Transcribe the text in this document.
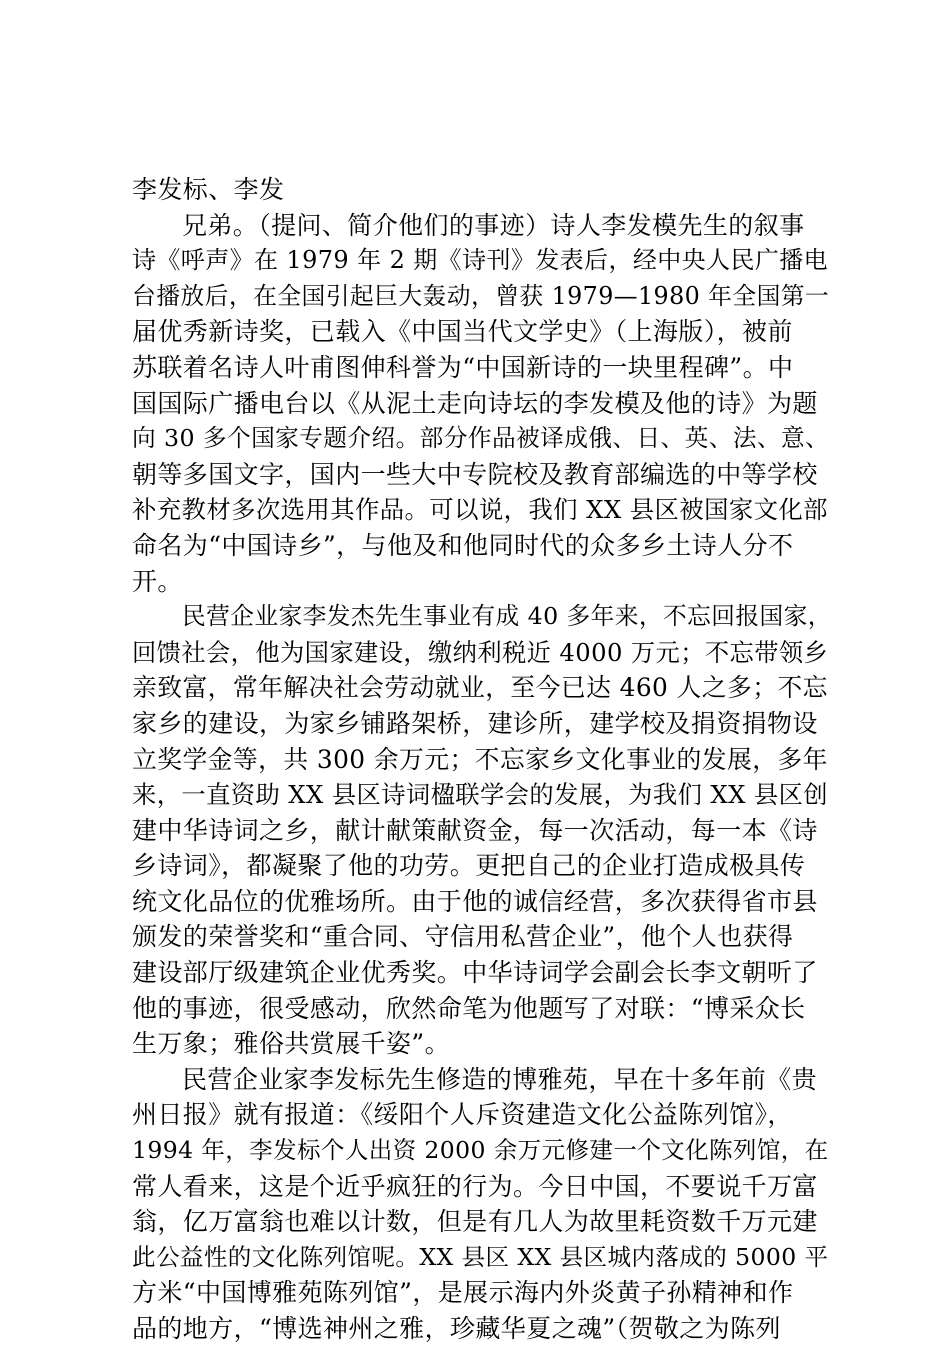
李发标、李发
兄弟。（提问、简介他们的事迹）诗人李发模先生的叙事
诗《呼声》在 1979 年 2 期《诗刊》发表后，经中央人民广播电
台播放后，在全国引起巨大轰动，曾获 1979—1980 年全国第一
届优秀新诗奖，已载入《中国当代文学史》（上海版），被前
苏联着名诗人叶甫图伸科誉为“中国新诗的一块里程碑”。中
国国际广播电台以《从泥土走向诗坛的李发模及他的诗》为题
向 30 多个国家专题介绍。部分作品被译成俄、日、英、法、意、
朝等多国文字，国内一些大中专院校及教育部编选的中等学校
补充教材多次选用其作品。可以说，我们 XX 县区被国家文化部
命名为“中国诗乡”，与他及和他同时代的众多乡土诗人分不
开。
民营企业家李发杰先生事业有成 40 多年来，不忘回报国家，
回馈社会，他为国家建设，缴纳利税近 4000 万元；不忘带领乡
亲致富，常年解决社会劳动就业，至今已达 460 人之多；不忘
家乡的建设，为家乡铺路架桥，建诊所，建学校及捐资捐物设
立奖学金等，共 300 余万元；不忘家乡文化事业的发展，多年
来，一直资助 XX 县区诗词楹联学会的发展，为我们 XX 县区创
建中华诗词之乡，献计献策献资金，每一次活动，每一本《诗
乡诗词》，都凝聚了他的功劳。更把自己的企业打造成极具传
统文化品位的优雅场所。由于他的诚信经营，多次获得省市县
颁发的荣誉奖和“重合同、守信用私营企业”，他个人也获得
建设部厅级建筑企业优秀奖。中华诗词学会副会长李文朝听了
他的事迹，很受感动，欣然命笔为他题写了对联：“博采众长
生万象；雅俗共赏展千姿”。
民营企业家李发标先生修造的博雅苑，早在十多年前《贵
州日报》就有报道：《绥阳个人斥资建造文化公益陈列馆》，
1994 年，李发标个人出资 2000 余万元修建一个文化陈列馆，在
常人看来，这是个近乎疯狂的行为。今日中国，不要说千万富
翁，亿万富翁也难以计数，但是有几人为故里耗资数千万元建
此公益性的文化陈列馆呢。XX 县区 XX 县区城内落成的 5000 平
方米“中国博雅苑陈列馆”，是展示海内外炎黄子孙精神和作
品的地方，“博选神州之雅，珍藏华夏之魂”（贺敬之为陈列
